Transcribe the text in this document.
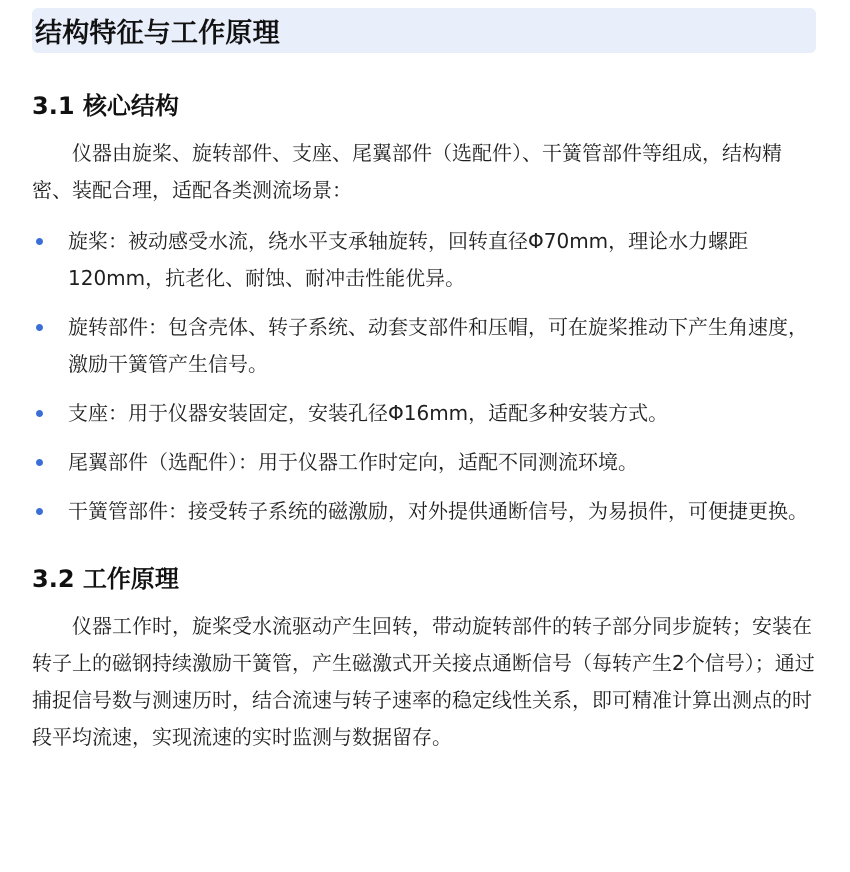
结构特征与工作原理
3.1 核心结构

仪器由旋桨、旋转部件、支座、尾翼部件（选配件）、干簧管部件等组成，结构精密、装配合理，适配各类测流场景：

旋桨：被动感受水流，绕水平支承轴旋转，回转直径Φ70mm，理论水力螺距120mm，抗老化、耐蚀、耐冲击性能优异。
旋转部件：包含壳体、转子系统、动套支部件和压帽，可在旋桨推动下产生角速度，激励干簧管产生信号。
支座：用于仪器安装固定，安装孔径Φ16mm，适配多种安装方式。
尾翼部件（选配件）：用于仪器工作时定向，适配不同测流环境。
干簧管部件：接受转子系统的磁激励，对外提供通断信号，为易损件，可便捷更换。
3.2 工作原理

仪器工作时，旋桨受水流驱动产生回转，带动旋转部件的转子部分同步旋转；安装在转子上的磁钢持续激励干簧管，产生磁激式开关接点通断信号（每转产生2个信号）；通过捕捉信号数与测速历时，结合流速与转子速率的稳定线性关系，即可精准计算出测点的时段平均流速，实现流速的实时监测与数据留存。
